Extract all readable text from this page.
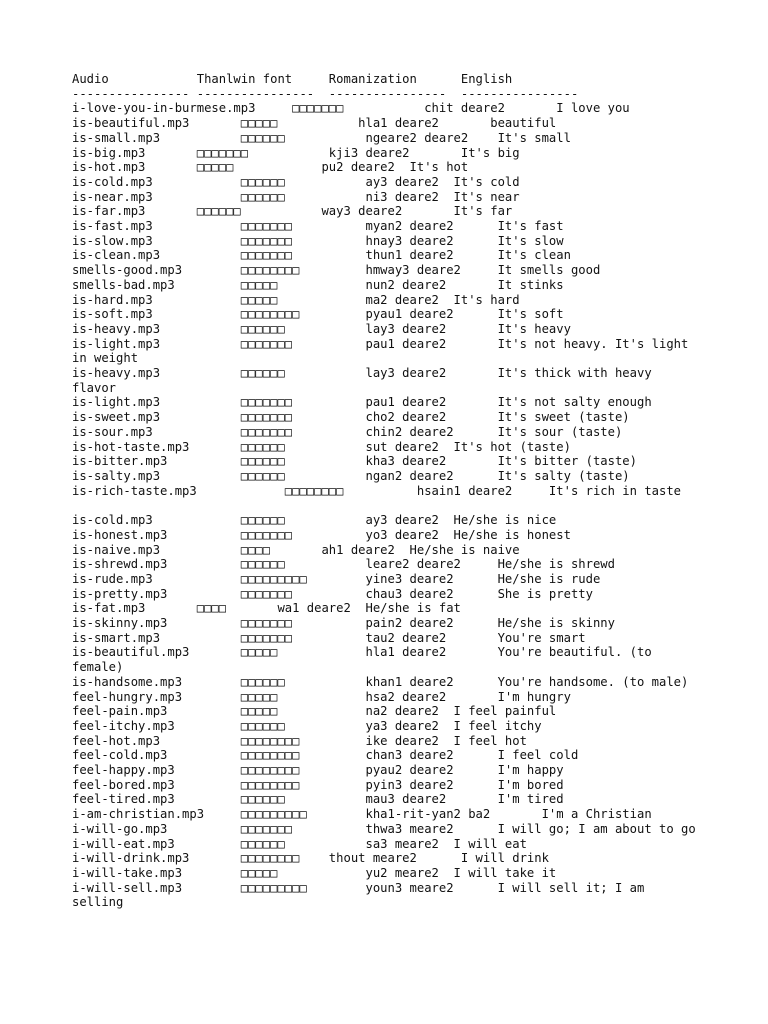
Audio            Thanlwin font     Romanization      English
---------------- ----------------  ----------------  ----------------
i-love-you-in-burmese.mp3     □□□□□□□           chit deare2       I love you
is-beautiful.mp3       □□□□□           hla1 deare2       beautiful
is-small.mp3           □□□□□□           ngeare2 deare2    It's small
is-big.mp3       □□□□□□□           kji3 deare2       It's big
is-hot.mp3       □□□□□            pu2 deare2  It's hot
is-cold.mp3            □□□□□□           ay3 deare2  It's cold
is-near.mp3            □□□□□□           ni3 deare2  It's near
is-far.mp3       □□□□□□           way3 deare2       It's far
is-fast.mp3            □□□□□□□          myan2 deare2      It's fast
is-slow.mp3            □□□□□□□          hnay3 deare2      It's slow
is-clean.mp3           □□□□□□□          thun1 deare2      It's clean
smells-good.mp3        □□□□□□□□         hmway3 deare2     It smells good
smells-bad.mp3         □□□□□            nun2 deare2       It stinks
is-hard.mp3            □□□□□            ma2 deare2  It's hard
is-soft.mp3            □□□□□□□□         pyau1 deare2      It's soft
is-heavy.mp3           □□□□□□           lay3 deare2       It's heavy
is-light.mp3           □□□□□□□          pau1 deare2       It's not heavy. It's light in weight
is-heavy.mp3           □□□□□□           lay3 deare2       It's thick with heavy flavor
is-light.mp3           □□□□□□□          pau1 deare2       It's not salty enough
is-sweet.mp3           □□□□□□□          cho2 deare2       It's sweet (taste)
is-sour.mp3            □□□□□□□          chin2 deare2      It's sour (taste)
is-hot-taste.mp3       □□□□□□           sut deare2  It's hot (taste)
is-bitter.mp3          □□□□□□           kha3 deare2       It's bitter (taste)
is-salty.mp3           □□□□□□           ngan2 deare2      It's salty (taste)
is-rich-taste.mp3            □□□□□□□□          hsain1 deare2     It's rich in taste

is-cold.mp3            □□□□□□           ay3 deare2  He/she is nice
is-honest.mp3          □□□□□□□          yo3 deare2  He/she is honest
is-naive.mp3           □□□□       ah1 deare2  He/she is naive
is-shrewd.mp3          □□□□□□           leare2 deare2     He/she is shrewd
is-rude.mp3            □□□□□□□□□        yine3 deare2      He/she is rude
is-pretty.mp3          □□□□□□□          chau3 deare2      She is pretty
is-fat.mp3       □□□□       wa1 deare2  He/she is fat
is-skinny.mp3          □□□□□□□          pain2 deare2      He/she is skinny
is-smart.mp3           □□□□□□□          tau2 deare2       You're smart
is-beautiful.mp3       □□□□□            hla1 deare2       You're beautiful. (to female)
is-handsome.mp3        □□□□□□           khan1 deare2      You're handsome. (to male)
feel-hungry.mp3        □□□□□            hsa2 deare2       I'm hungry
feel-pain.mp3          □□□□□            na2 deare2  I feel painful
feel-itchy.mp3         □□□□□□           ya3 deare2  I feel itchy
feel-hot.mp3           □□□□□□□□         ike deare2  I feel hot
feel-cold.mp3          □□□□□□□□         chan3 deare2      I feel cold
feel-happy.mp3         □□□□□□□□         pyau2 deare2      I'm happy
feel-bored.mp3         □□□□□□□□         pyin3 deare2      I'm bored
feel-tired.mp3         □□□□□□           mau3 deare2       I'm tired
i-am-christian.mp3     □□□□□□□□□        kha1-rit-yan2 ba2       I'm a Christian
i-will-go.mp3          □□□□□□□          thwa3 meare2      I will go; I am about to go
i-will-eat.mp3         □□□□□□           sa3 meare2  I will eat
i-will-drink.mp3       □□□□□□□□    thout meare2      I will drink
i-will-take.mp3        □□□□□            yu2 meare2  I will take it
i-will-sell.mp3        □□□□□□□□□        youn3 meare2      I will sell it; I am selling
